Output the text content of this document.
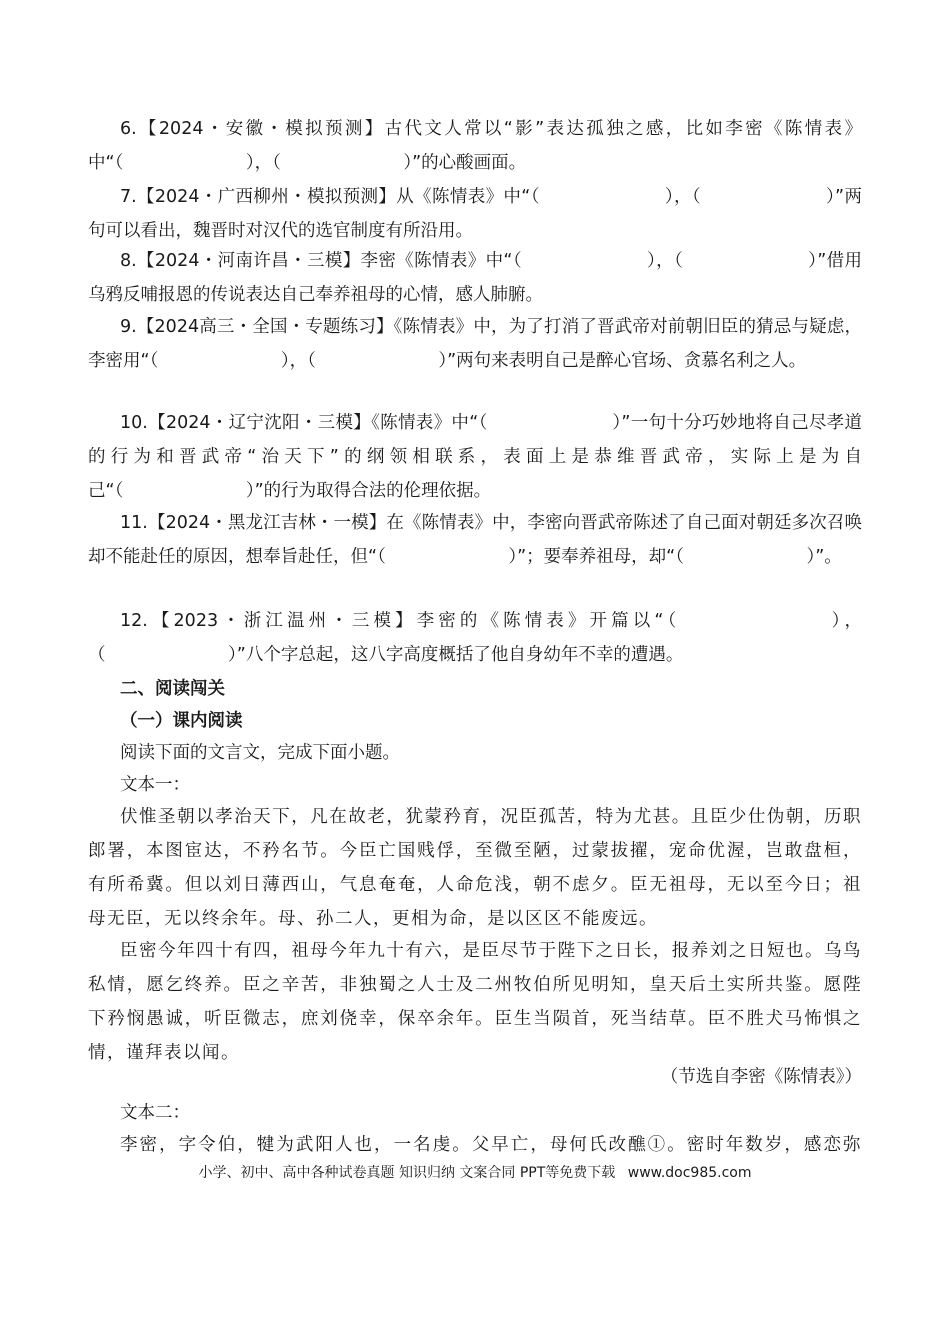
6.【2024・安徽・模拟预测】古代文人常以“影”表达孤独之感，比如李密《陈情表》中“（　　　　　　　），（　　　　　　　）”的心酸画面。

7.【2024・广西柳州・模拟预测】从《陈情表》中“（　　　　　　　），（　　　　　　　）”两句可以看出，魏晋时对汉代的选官制度有所沿用。

8.【2024・河南许昌・三模】李密《陈情表》中“（　　　　　　　），（　　　　　　　）”借用乌鸦反哺报恩的传说表达自己奉养祖母的心情，感人肺腑。

9.【2024高三・全国・专题练习】《陈情表》中，为了打消了晋武帝对前朝旧臣的猜忌与疑虑，李密用“（　　　　　　　），（　　　　　　　）”两句来表明自己是醉心官场、贪慕名利之人。

10.【2024・辽宁沈阳・三模】《陈情表》中“（　　　　　　　）”一句十分巧妙地将自己尽孝道的行为和晋武帝“治天下”的纲领相联系，表面上是恭维晋武帝，实际上是为自己“（　　　　　　　）”的行为取得合法的伦理依据。

11.【2024・黑龙江吉林・一模】在《陈情表》中，李密向晋武帝陈述了自己面对朝廷多次召唤却不能赴任的原因，想奉旨赴任，但“（　　　　　　　）”；要奉养祖母，却“（　　　　　　　）”。

12.【2023・浙江温州・三模】李密的《陈情表》开篇以“（　　　　　　　），（　　　　　　　）”八个字总起，这八字高度概括了他自身幼年不幸的遭遇。

二、阅读闯关

（一）课内阅读

阅读下面的文言文，完成下面小题。

文本一：

伏惟圣朝以孝治天下，凡在故老，犹蒙矜育，况臣孤苦，特为尤甚。且臣少仕伪朝，历职郎署，本图宦达，不矜名节。今臣亡国贱俘，至微至陋，过蒙拔擢，宠命优渥，岂敢盘桓，有所希冀。但以刘日薄西山，气息奄奄，人命危浅，朝不虑夕。臣无祖母，无以至今日；祖母无臣，无以终余年。母、孙二人，更相为命，是以区区不能废远。

臣密今年四十有四，祖母今年九十有六，是臣尽节于陛下之日长，报养刘之日短也。乌鸟私情，愿乞终养。臣之辛苦，非独蜀之人士及二州牧伯所见明知，皇天后土实所共鉴。愿陛下矜悯愚诚，听臣微志，庶刘侥幸，保卒余年。臣生当陨首，死当结草。臣不胜犬马怖惧之情，谨拜表以闻。

（节选自李密《陈情表》）

文本二：

李密，字令伯，犍为武阳人也，一名虔。父早亡，母何氏改醮①。密时年数岁，感恋弥

小学、初中、高中各种试卷真题 知识归纳 文案合同 PPT等免费下载 www.doc985.com
